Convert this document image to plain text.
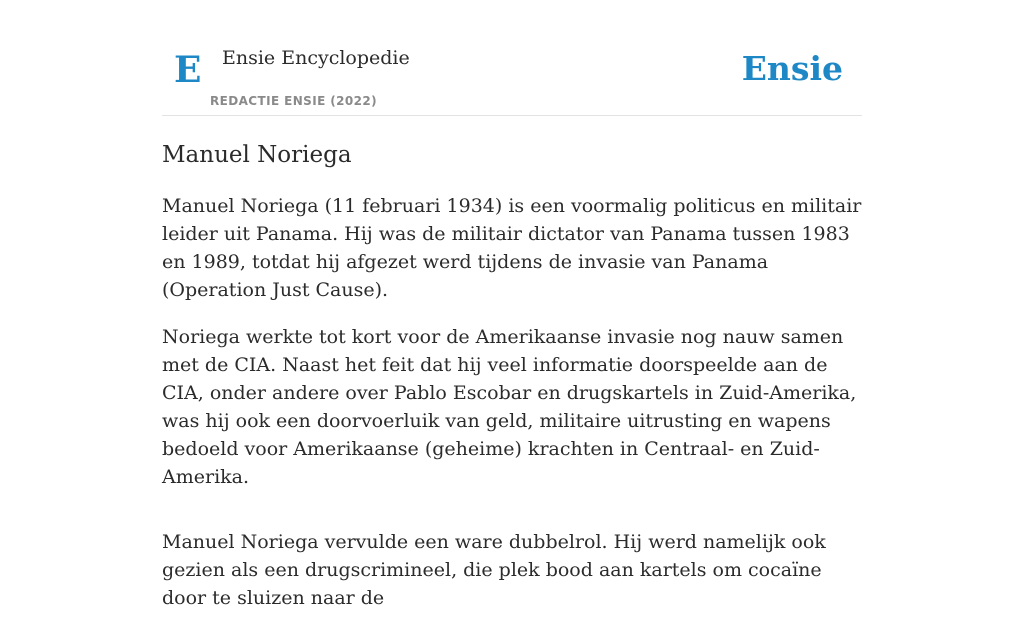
E Ensie Encyclopedie
REDACTIE ENSIE (2022)
Ensie
Manuel Noriega

Manuel Noriega (11 februari 1934) is een voormalig politicus en militair leider uit Panama. Hij was de militair dictator van Panama tussen 1983 en 1989, totdat hij afgezet werd tijdens de invasie van Panama (Operation Just Cause).

Noriega werkte tot kort voor de Amerikaanse invasie nog nauw samen met de CIA. Naast het feit dat hij veel informatie doorspeelde aan de CIA, onder andere over Pablo Escobar en drugskartels in Zuid-Amerika, was hij ook een doorvoerluik van geld, militaire uitrusting en wapens bedoeld voor Amerikaanse (geheime) krachten in Centraal- en Zuid-Amerika.

Manuel Noriega vervulde een ware dubbelrol. Hij werd namelijk ook gezien als een drugscrimineel, die plek bood aan kartels om cocaïne door te sluizen naar de
